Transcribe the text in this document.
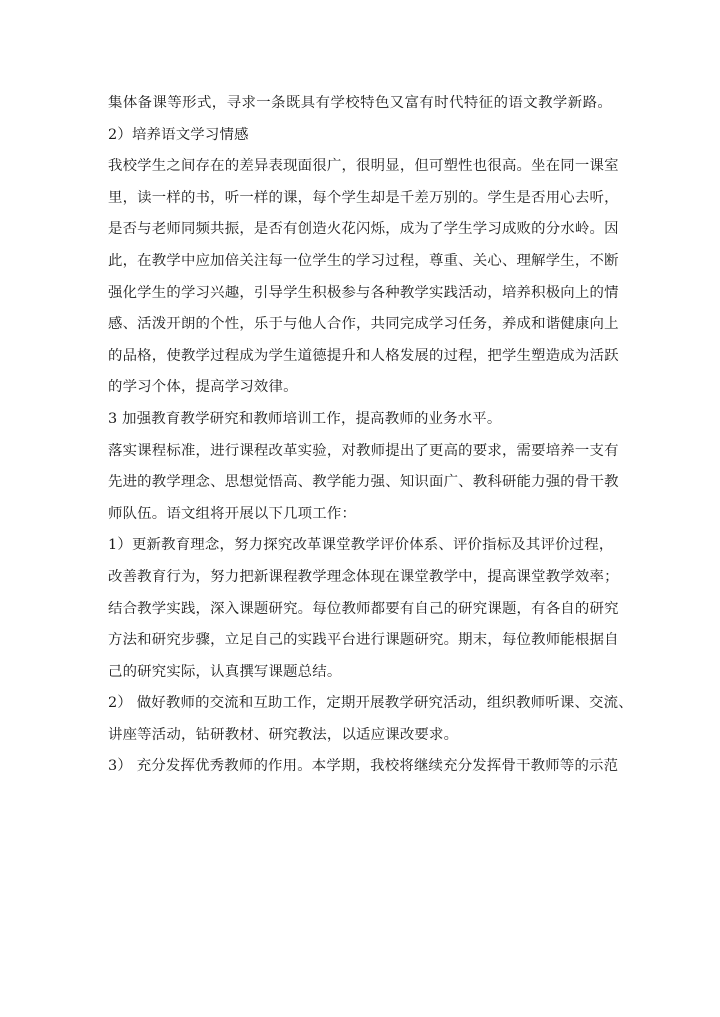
集体备课等形式，寻求一条既具有学校特色又富有时代特征的语文教学新路。
2）培养语文学习情感
我校学生之间存在的差异表现面很广，很明显，但可塑性也很高。坐在同一课室
里，读一样的书，听一样的课，每个学生却是千差万别的。学生是否用心去听，
是否与老师同频共振，是否有创造火花闪烁，成为了学生学习成败的分水岭。因
此，在教学中应加倍关注每一位学生的学习过程，尊重、关心、理解学生，不断
强化学生的学习兴趣，引导学生积极参与各种教学实践活动，培养积极向上的情
感、活泼开朗的个性，乐于与他人合作，共同完成学习任务，养成和谐健康向上
的品格，使教学过程成为学生道德提升和人格发展的过程，把学生塑造成为活跃
的学习个体，提高学习效律。
3 加强教育教学研究和教师培训工作，提高教师的业务水平。
落实课程标准，进行课程改革实验，对教师提出了更高的要求，需要培养一支有
先进的教学理念、思想觉悟高、教学能力强、知识面广、教科研能力强的骨干教
师队伍。语文组将开展以下几项工作：
1）更新教育理念，努力探究改革课堂教学评价体系、评价指标及其评价过程，
改善教育行为，努力把新课程教学理念体现在课堂教学中，提高课堂教学效率；
结合教学实践，深入课题研究。每位教师都要有自己的研究课题，有各自的研究
方法和研究步骤，立足自己的实践平台进行课题研究。期末，每位教师能根据自
己的研究实际，认真撰写课题总结。
2） 做好教师的交流和互助工作，定期开展教学研究活动，组织教师听课、交流、
讲座等活动，钻研教材、研究教法，以适应课改要求。
3） 充分发挥优秀教师的作用。本学期，我校将继续充分发挥骨干教师等的示范
